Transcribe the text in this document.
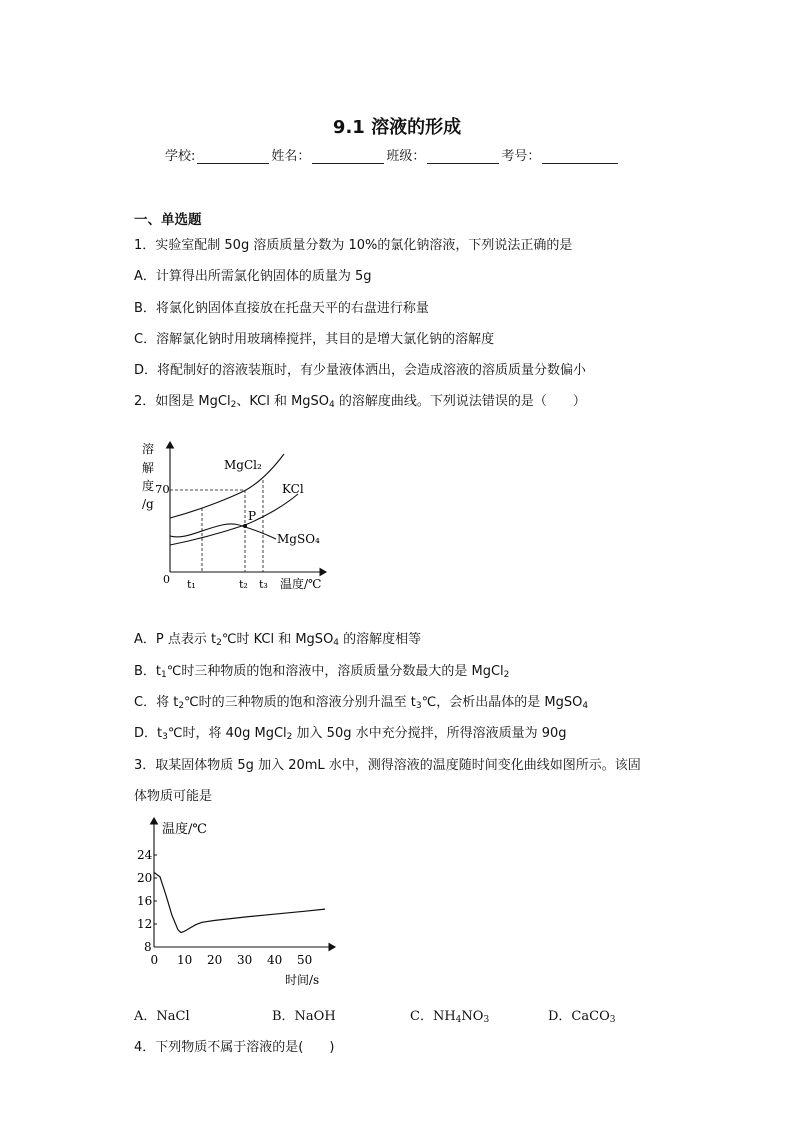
9.1 溶液的形成
学校:	姓名：	班级：	考号：
一、单选题
1．实验室配制 50g 溶质质量分数为 10%的氯化钠溶液，下列说法正确的是
A．计算得出所需氯化钠固体的质量为 5g
B．将氯化钠固体直接放在托盘天平的右盘进行称量
C．溶解氯化钠时用玻璃棒搅拌，其目的是增大氯化钠的溶解度
D．将配制好的溶液装瓶时，有少量液体洒出，会造成溶液的溶质质量分数偏小
2．如图是 MgCl$_2$、KCl 和 MgSO$_4$ 的溶解度曲线。下列说法错误的是（　　）
溶
解
度
/g
70
0
MgCl₂
KCl
MgSO₄
P
t₁	t₂ t₃ 温度/℃
A．P 点表示 $t_2℃$时 KCl 和 MgSO$_4$ 的溶解度相等
B．$t_1℃$时三种物质的饱和溶液中，溶质质量分数最大的是 MgCl$_2$
C．将 $t_2℃$时的三种物质的饱和溶液分别升温至 $t_3℃$，会析出晶体的是 MgSO$_4$
D．$t_3℃$时，将 40g MgCl$_2$ 加入 50g 水中充分搅拌，所得溶液质量为 90g
3．取某固体物质 5g 加入 20mL 水中，测得溶液的温度随时间变化曲线如图所示。该固
体物质可能是
温度/℃
时间/s
0 10 20 30 40 50
8
12
16
20
24
A．NaCl	B．NaOH	C．$NH_4NO_3$	D．CaCO$_3$
4．下列物质不属于溶液的是(　　)
